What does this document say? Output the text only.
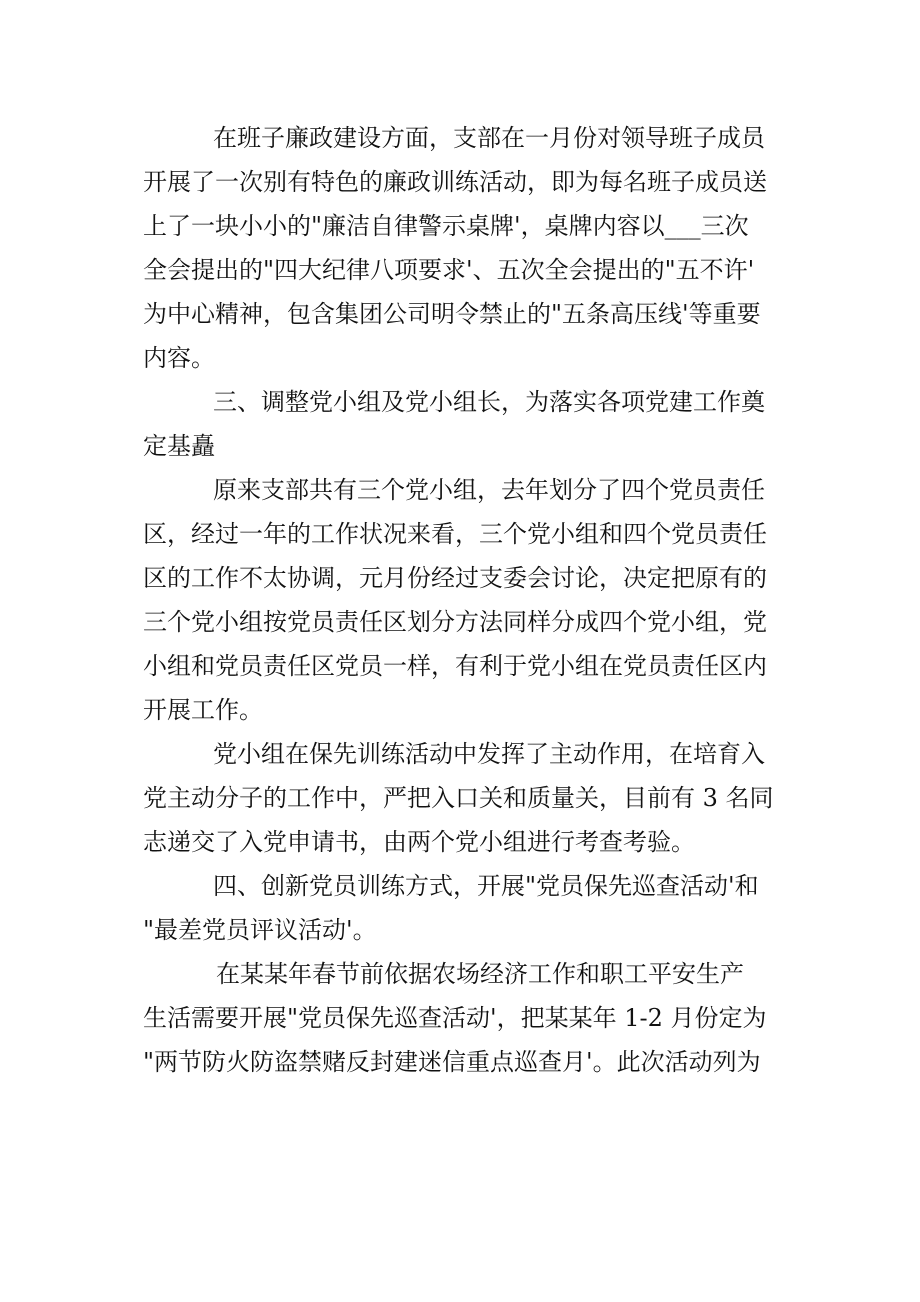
在班子廉政建设方面，支部在一月份对领导班子成员
开展了一次别有特色的廉政训练活动，即为每名班子成员送
上了一块小小的"廉洁自律警示桌牌'，桌牌内容以___三次
全会提出的"四大纪律八项要求'、五次全会提出的"五不许'
为中心精神，包含集团公司明令禁止的"五条高压线'等重要
内容。
三、调整党小组及党小组长，为落实各项党建工作奠
定基矗
原来支部共有三个党小组，去年划分了四个党员责任
区，经过一年的工作状况来看，三个党小组和四个党员责任
区的工作不太协调，元月份经过支委会讨论，决定把原有的
三个党小组按党员责任区划分方法同样分成四个党小组，党
小组和党员责任区党员一样，有利于党小组在党员责任区内
开展工作。
党小组在保先训练活动中发挥了主动作用，在培育入
党主动分子的工作中，严把入口关和质量关，目前有 3 名同
志递交了入党申请书，由两个党小组进行考查考验。
四、创新党员训练方式，开展"党员保先巡查活动'和
"最差党员评议活动'。
在某某年春节前依据农场经济工作和职工平安生产
生活需要开展"党员保先巡查活动'，把某某年 1-2 月份定为
"两节防火防盗禁赌反封建迷信重点巡查月'。此次活动列为
